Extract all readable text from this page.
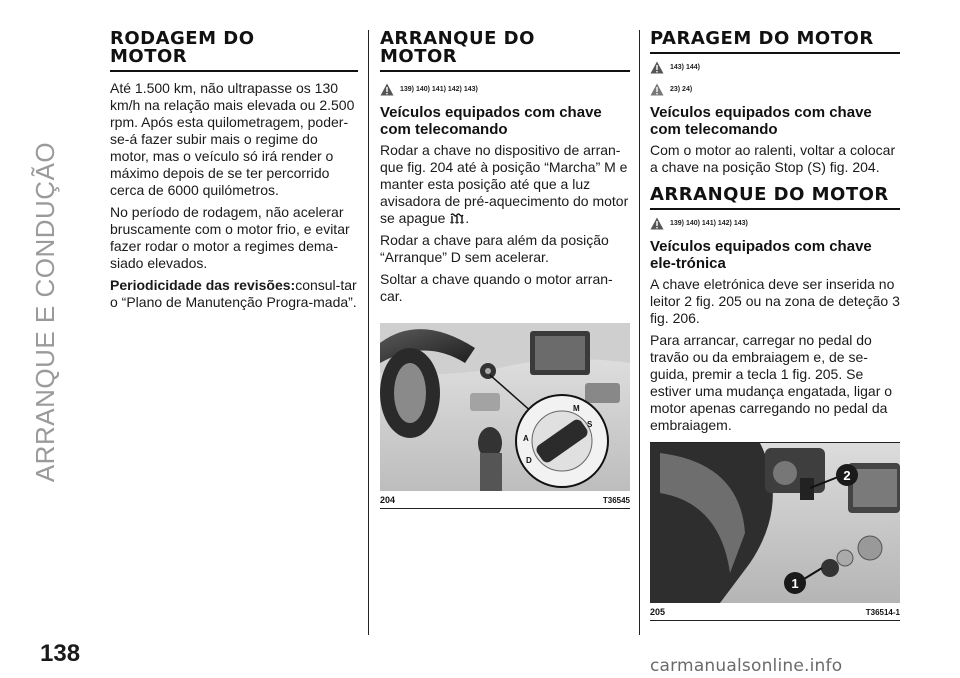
ARRANQUE E CONDUÇÃO
138
RODAGEM DO
MOTOR

Até 1.500 km, não ultrapasse os 130 km/h na relação mais elevada ou 2.500 rpm. Após esta quilometragem, poder-se-á fazer subir mais o regime do motor, mas o veículo só irá render o máximo depois de se ter percorrido cerca de 6000 quilómetros.

No período de rodagem, não acelerar bruscamente com o motor frio, e evitar fazer rodar o motor a regimes dema-siado elevados.

Periodicidade das revisões:consul-tar o “Plano de Manutenção Progra-mada”.

ARRANQUE DO
MOTOR
139) 140) 141) 142) 143)
Veículos equipados com chave com telecomando

Rodar a chave no dispositivo de arran-que fig. 204 até à posição “Marcha” M e manter esta posição até que a luz avisadora de pré-aquecimento do motor se apague .

Rodar a chave para além da posição “Arranque” D sem acelerar.

Soltar a chave quando o motor arran-car.

M
S
A
D
204	T36545
PARAGEM DO MOTOR
143) 144)
23) 24)
Veículos equipados com chave com telecomando

Com o motor ao ralenti, voltar a colocar a chave na posição Stop (S) fig. 204.

ARRANQUE DO MOTOR
139) 140) 141) 142) 143)
Veículos equipados com chave ele-trónica

A chave eletrónica deve ser inserida no leitor 2 fig. 205 ou na zona de deteção 3 fig. 206.

Para arrancar, carregar no pedal do travão ou da embraiagem e, de se-guida, premir a tecla 1 fig. 205. Se estiver uma mudança engatada, ligar o motor apenas carregando no pedal da embraiagem.

2
1
205	T36514-1
carmanualsonline.info
